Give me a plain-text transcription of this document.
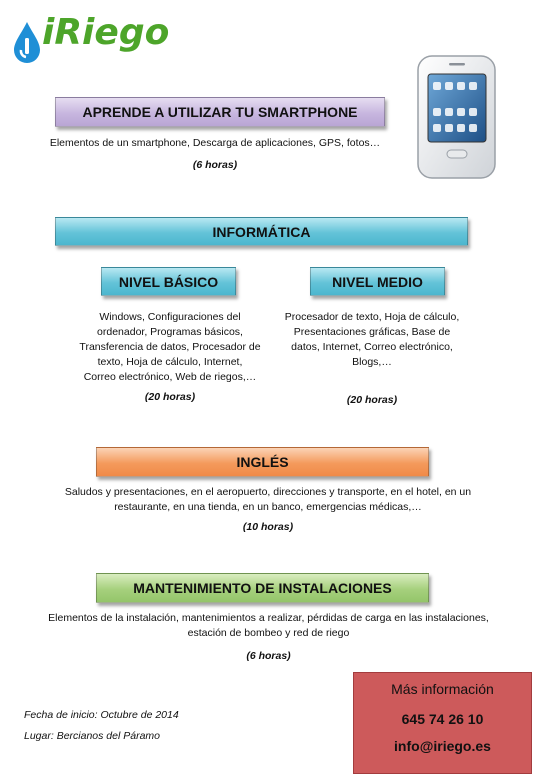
iRiego
APRENDE A UTILIZAR TU SMARTPHONE
Elementos de un smartphone, Descarga de aplicaciones, GPS, fotos…
(6 horas)
INFORMÁTICA
NIVEL BÁSICO
Windows, Configuraciones del
ordenador, Programas básicos,
Transferencia de datos, Procesador de
texto, Hoja de cálculo, Internet,
Correo electrónico, Web de riegos,…
(20 horas)
NIVEL MEDIO
Procesador de texto, Hoja de cálculo,
Presentaciones gráficas, Base de
datos, Internet, Correo electrónico,
Blogs,…
(20 horas)
INGLÉS
Saludos y presentaciones, en el aeropuerto, direcciones y transporte, en el hotel, en un
restaurante, en una tienda, en un banco, emergencias médicas,…
(10 horas)
MANTENIMIENTO DE INSTALACIONES
Elementos de la instalación, mantenimientos a realizar, pérdidas de carga en las instalaciones,
estación de bombeo y red de riego
(6 horas)
Fecha de inicio: Octubre de 2014
Lugar: Bercianos del Páramo
Más información
645 74 26 10
info@iriego.es
